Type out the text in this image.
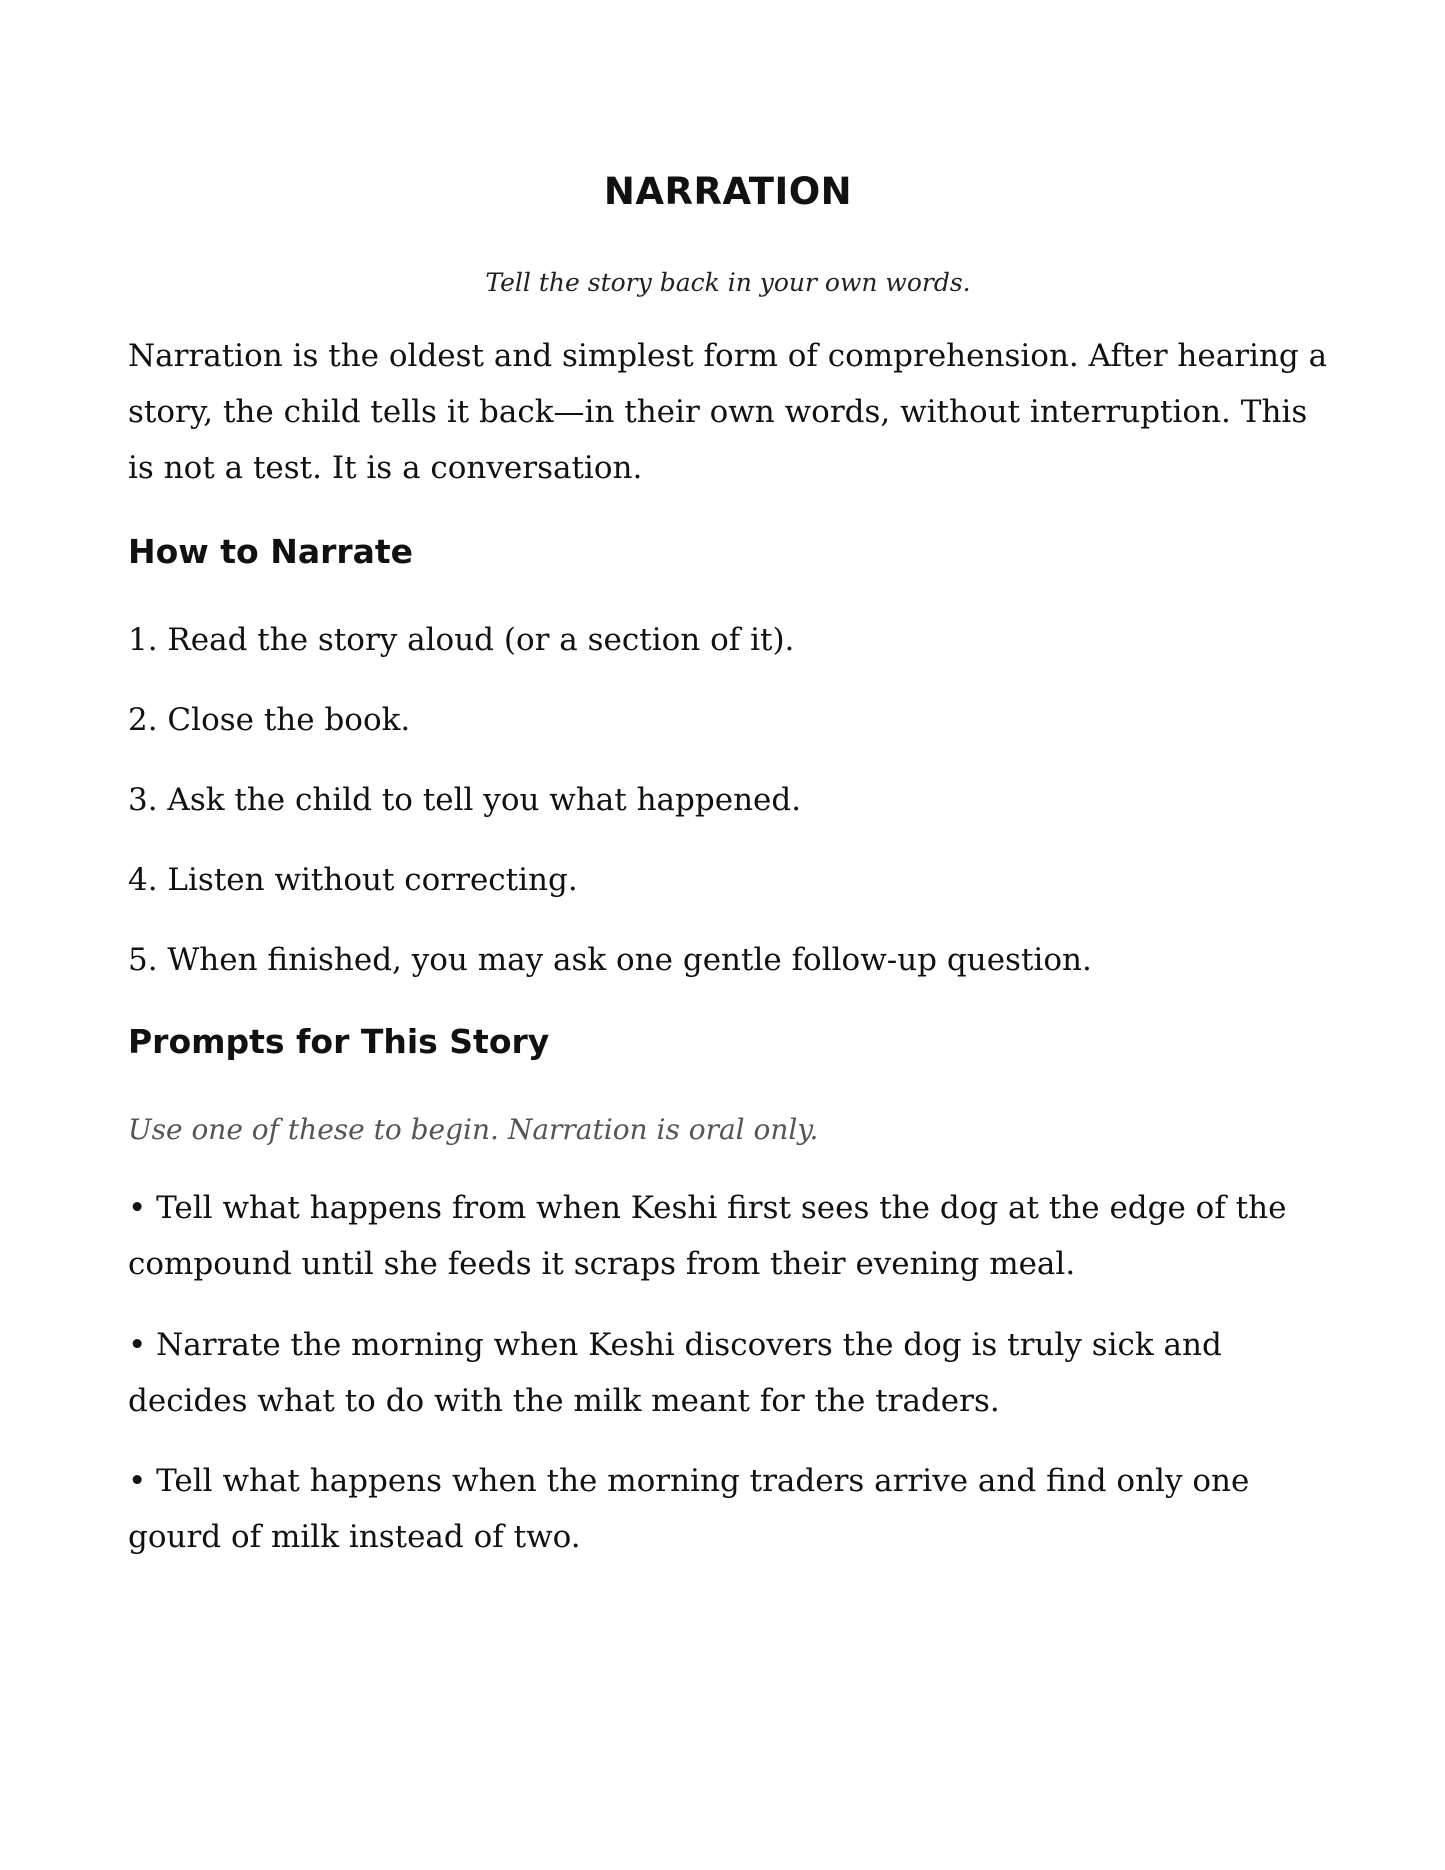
NARRATION

Tell the story back in your own words.

Narration is the oldest and simplest form of comprehension. After hearing a story, the child tells it back—in their own words, without interruption. This is not a test. It is a conversation.

How to Narrate

1. Read the story aloud (or a section of it).

2. Close the book.

3. Ask the child to tell you what happened.

4. Listen without correcting.

5. When finished, you may ask one gentle follow-up question.

Prompts for This Story

Use one of these to begin. Narration is oral only.

• Tell what happens from when Keshi first sees the dog at the edge of the compound until she feeds it scraps from their evening meal.

• Narrate the morning when Keshi discovers the dog is truly sick and decides what to do with the milk meant for the traders.

• Tell what happens when the morning traders arrive and find only one gourd of milk instead of two.
